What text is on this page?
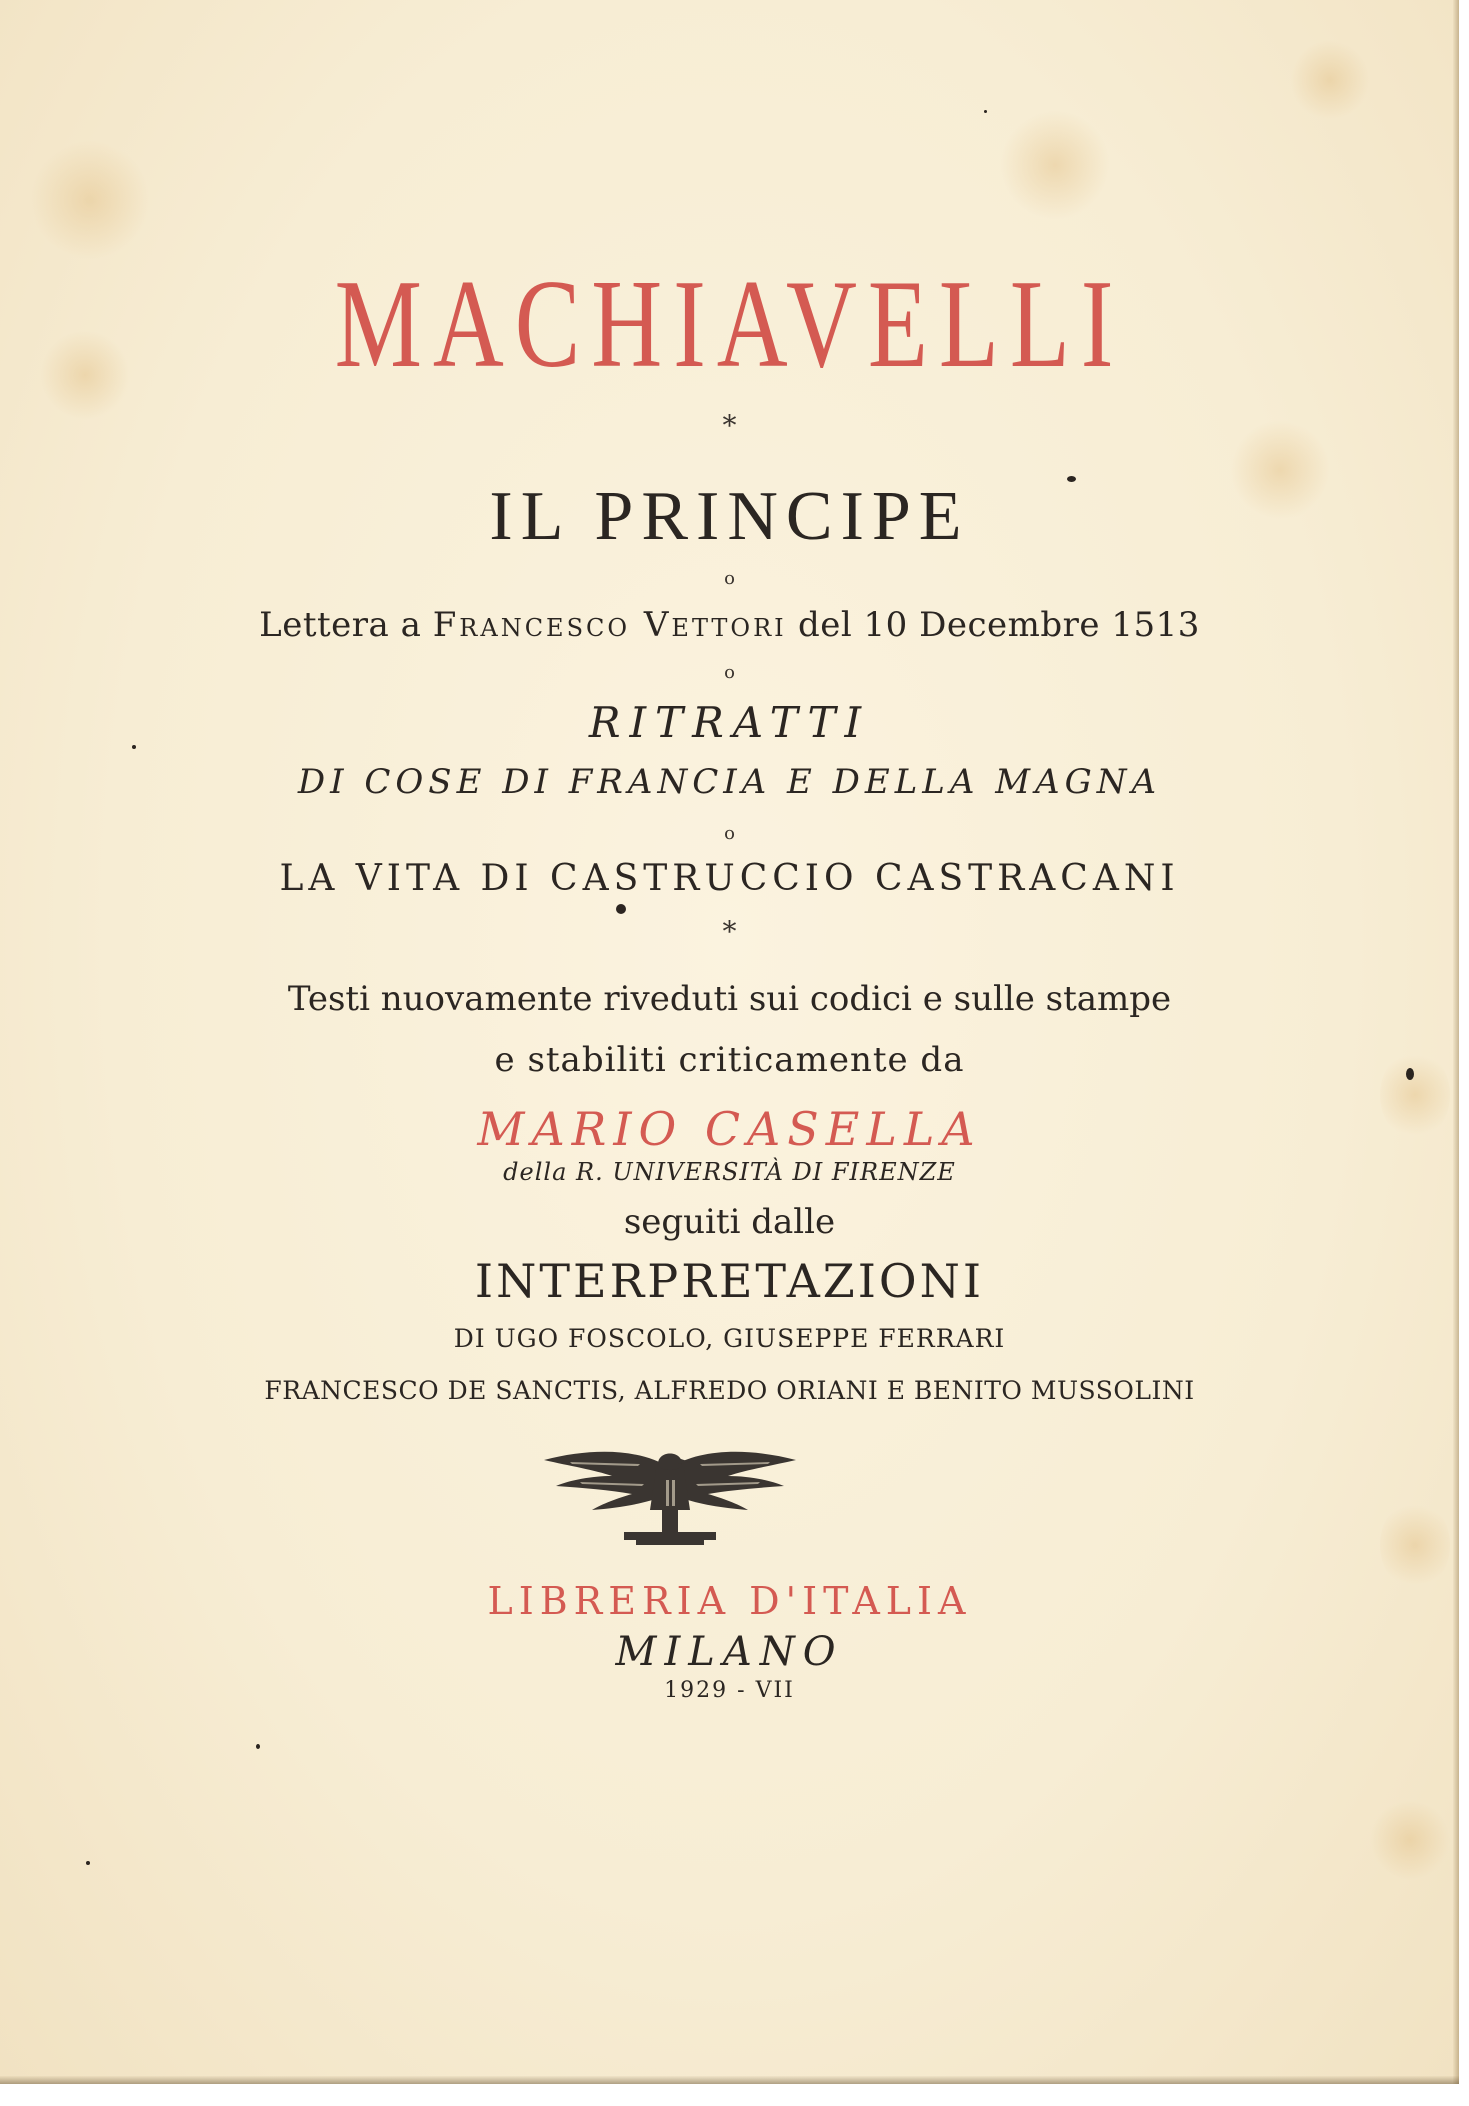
MACHIAVELLI
*
IL PRINCIPE
o
Lettera a Francesco Vettori del 10 Decembre 1513
o
RITRATTI
DI COSE DI FRANCIA E DELLA MAGNA
o
LA VITA DI CASTRUCCIO CASTRACANI
*
Testi nuovamente riveduti sui codici e sulle stampe
e stabiliti criticamente da
MARIO CASELLA
della R. UNIVERSITÀ DI FIRENZE
seguiti dalle
INTERPRETAZIONI
DI UGO FOSCOLO, GIUSEPPE FERRARI
FRANCESCO DE SANCTIS, ALFREDO ORIANI E BENITO MUSSOLINI
LIBRERIA D'ITALIA
MILANO
1929 - VII
